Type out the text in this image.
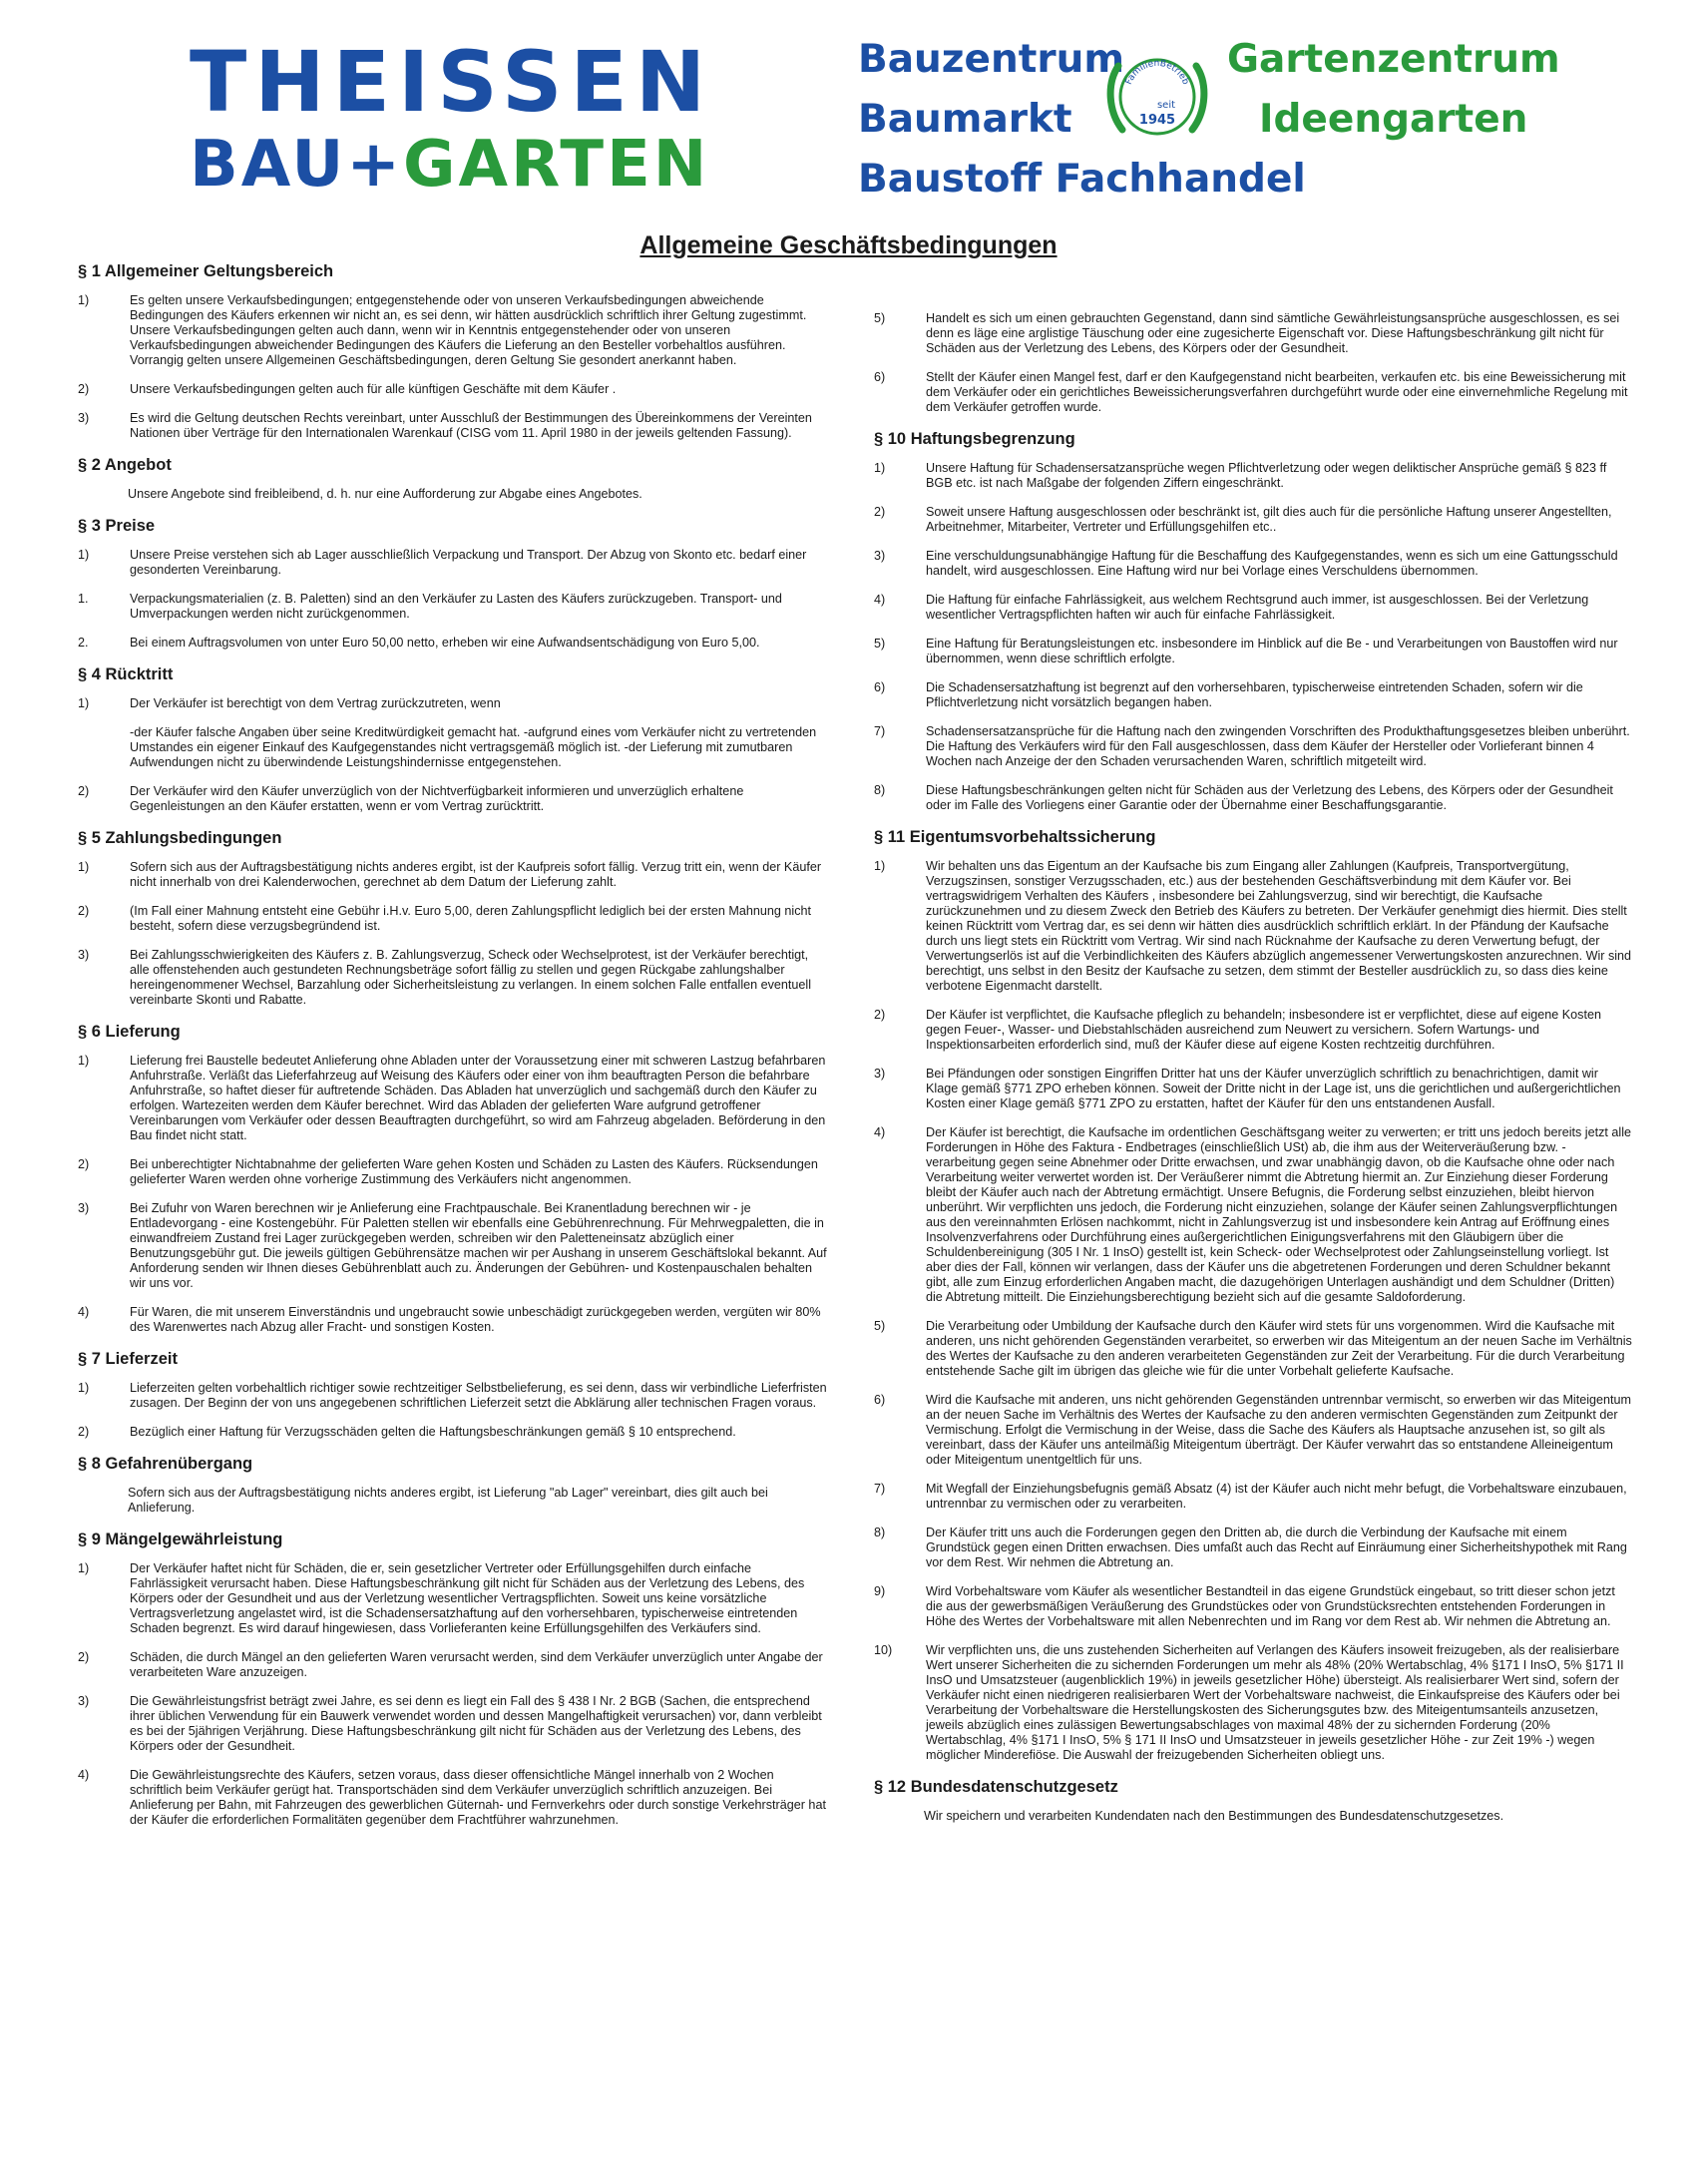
THEISSEN
BAU+GARTEN
Bauzentrum
Baumarkt
Baustoff Fachhandel
FamilienBetrieb
seit
1945
Gartenzentrum
Ideengarten
Allgemeine Geschäftsbedingungen
§ 1 Allgemeiner Geltungsbereich
1)	Es gelten unsere Verkaufsbedingungen; entgegenstehende oder von unseren Verkaufsbedingungen abweichende Bedingungen des Käufers erkennen wir nicht an, es sei denn, wir hätten ausdrücklich schriftlich ihrer Geltung zugestimmt. Unsere Verkaufsbedingungen gelten auch dann, wenn wir in Kenntnis entgegenstehender oder von unseren Verkaufsbedingungen abweichender Bedingungen des Käufers die Lieferung an den Besteller vorbehaltlos ausführen. Vorrangig gelten unsere Allgemeinen Geschäftsbedingungen, deren Geltung Sie gesondert anerkannt haben.
2)	Unsere Verkaufsbedingungen gelten auch für alle künftigen Geschäfte mit dem Käufer .
3)	Es wird die Geltung deutschen Rechts vereinbart, unter Ausschluß der Bestimmungen des Übereinkommens der Vereinten Nationen über Verträge für den Internationalen Warenkauf (CISG vom 11. April 1980 in der jeweils geltenden Fassung).
§ 2 Angebot
Unsere Angebote sind freibleibend, d. h. nur eine Aufforderung zur Abgabe eines Angebotes.
§ 3 Preise
1)	Unsere Preise verstehen sich ab Lager ausschließlich Verpackung und Transport. Der Abzug von Skonto etc. bedarf einer gesonderten Vereinbarung.
1.	Verpackungsmaterialien (z. B. Paletten) sind an den Verkäufer zu Lasten des Käufers zurückzugeben. Transport- und Umverpackungen werden nicht zurückgenommen.
2.	Bei einem Auftragsvolumen von unter Euro 50,00 netto, erheben wir eine Aufwandsentschädigung von Euro 5,00.
§ 4 Rücktritt
1)	Der Verkäufer ist berechtigt von dem Vertrag zurückzutreten, wenn
-der Käufer falsche Angaben über seine Kreditwürdigkeit gemacht hat. -aufgrund eines vom Verkäufer nicht zu vertretenden Umstandes ein eigener Einkauf des Kaufgegenstandes nicht vertragsgemäß möglich ist. -der Lieferung mit zumutbaren Aufwendungen nicht zu überwindende Leistungshindernisse entgegenstehen.
2)	Der Verkäufer wird den Käufer unverzüglich von der Nichtverfügbarkeit informieren und unverzüglich erhaltene Gegenleistungen an den Käufer erstatten, wenn er vom Vertrag zurücktritt.
§ 5 Zahlungsbedingungen
1)	Sofern sich aus der Auftragsbestätigung nichts anderes ergibt, ist der Kaufpreis sofort fällig. Verzug tritt ein, wenn der Käufer nicht innerhalb von drei Kalenderwochen, gerechnet ab dem Datum der Lieferung zahlt.
2)	(Im Fall einer Mahnung entsteht eine Gebühr i.H.v. Euro 5,00, deren Zahlungspflicht lediglich bei der ersten Mahnung nicht besteht, sofern diese verzugsbegründend ist.
3)	Bei Zahlungsschwierigkeiten des Käufers z. B. Zahlungsverzug, Scheck oder Wechselprotest, ist der Verkäufer berechtigt, alle offenstehenden auch gestundeten Rechnungsbeträge sofort fällig zu stellen und gegen Rückgabe zahlungshalber hereingenommener Wechsel, Barzahlung oder Sicherheitsleistung zu verlangen. In einem solchen Falle entfallen eventuell vereinbarte Skonti und Rabatte.
§ 6 Lieferung
1)	Lieferung frei Baustelle bedeutet Anlieferung ohne Abladen unter der Voraussetzung einer mit schweren Lastzug befahrbaren Anfuhrstraße. Verläßt das Lieferfahrzeug auf Weisung des Käufers oder einer von ihm beauftragten Person die befahrbare Anfuhrstraße, so haftet dieser für auftretende Schäden. Das Abladen hat unverzüglich und sachgemäß durch den Käufer zu erfolgen. Wartezeiten werden dem Käufer berechnet. Wird das Abladen der gelieferten Ware aufgrund getroffener Vereinbarungen vom Verkäufer oder dessen Beauftragten durchgeführt, so wird am Fahrzeug abgeladen. Beförderung in den Bau findet nicht statt.
2)	Bei unberechtigter Nichtabnahme der gelieferten Ware gehen Kosten und Schäden zu Lasten des Käufers. Rücksendungen gelieferter Waren werden ohne vorherige Zustimmung des Verkäufers nicht angenommen.
3)	Bei Zufuhr von Waren berechnen wir je Anlieferung eine Frachtpauschale. Bei Kranentladung berechnen wir - je Entladevorgang - eine Kostengebühr. Für Paletten stellen wir ebenfalls eine Gebührenrechnung. Für Mehrwegpaletten, die in einwandfreiem Zustand frei Lager zurückgegeben werden, schreiben wir den Paletteneinsatz abzüglich einer Benutzungsgebühr gut. Die jeweils gültigen Gebührensätze machen wir per Aushang in unserem Geschäftslokal bekannt. Auf Anforderung senden wir Ihnen dieses Gebührenblatt auch zu. Änderungen der Gebühren- und Kostenpauschalen behalten wir uns vor.
4)	Für Waren, die mit unserem Einverständnis und ungebraucht sowie unbeschädigt zurückgegeben werden, vergüten wir 80% des Warenwertes nach Abzug aller Fracht- und sonstigen Kosten.
§ 7 Lieferzeit
1)	Lieferzeiten gelten vorbehaltlich richtiger sowie rechtzeitiger Selbstbelieferung, es sei denn, dass wir verbindliche Lieferfristen zusagen. Der Beginn der von uns angegebenen schriftlichen Lieferzeit setzt die Abklärung aller technischen Fragen voraus.
2)	Bezüglich einer Haftung für Verzugsschäden gelten die Haftungsbeschränkungen gemäß § 10 entsprechend.
§ 8 Gefahrenübergang
Sofern sich aus der Auftragsbestätigung nichts anderes ergibt, ist Lieferung "ab Lager" vereinbart, dies gilt auch bei Anlieferung.
§ 9 Mängelgewährleistung
1)	Der Verkäufer haftet nicht für Schäden, die er, sein gesetzlicher Vertreter oder Erfüllungsgehilfen durch einfache Fahrlässigkeit verursacht haben. Diese Haftungsbeschränkung gilt nicht für Schäden aus der Verletzung des Lebens, des Körpers oder der Gesundheit und aus der Verletzung wesentlicher Vertragspflichten. Soweit uns keine vorsätzliche Vertragsverletzung angelastet wird, ist die Schadensersatzhaftung auf den vorhersehbaren, typischerweise eintretenden Schaden begrenzt. Es wird darauf hingewiesen, dass Vorlieferanten keine Erfüllungsgehilfen des Verkäufers sind.
2)	Schäden, die durch Mängel an den gelieferten Waren verursacht werden, sind dem Verkäufer unverzüglich unter Angabe der verarbeiteten Ware anzuzeigen.
3)	Die Gewährleistungsfrist beträgt zwei Jahre, es sei denn es liegt ein Fall des § 438 I Nr. 2 BGB (Sachen, die entsprechend ihrer üblichen Verwendung für ein Bauwerk verwendet worden und dessen Mangelhaftigkeit verursachen) vor, dann verbleibt es bei der 5jährigen Verjährung. Diese Haftungsbeschränkung gilt nicht für Schäden aus der Verletzung des Lebens, des Körpers oder der Gesundheit.
4)	Die Gewährleistungsrechte des Käufers, setzen voraus, dass dieser offensichtliche Mängel innerhalb von 2 Wochen schriftlich beim Verkäufer gerügt hat. Transportschäden sind dem Verkäufer unverzüglich schriftlich anzuzeigen. Bei Anlieferung per Bahn, mit Fahrzeugen des gewerblichen Güternah- und Fernverkehrs oder durch sonstige Verkehrsträger hat der Käufer die erforderlichen Formalitäten gegenüber dem Frachtführer wahrzunehmen.
5)	Handelt es sich um einen gebrauchten Gegenstand, dann sind sämtliche Gewährleistungsansprüche ausgeschlossen, es sei denn es läge eine arglistige Täuschung oder eine zugesicherte Eigenschaft vor. Diese Haftungsbeschränkung gilt nicht für Schäden aus der Verletzung des Lebens, des Körpers oder der Gesundheit.
6)	Stellt der Käufer einen Mangel fest, darf er den Kaufgegenstand nicht bearbeiten, verkaufen etc. bis eine Beweissicherung mit dem Verkäufer oder ein gerichtliches Beweissicherungsverfahren durchgeführt wurde oder eine einvernehmliche Regelung mit dem Verkäufer getroffen wurde.
§ 10 Haftungsbegrenzung
1)	Unsere Haftung für Schadensersatzansprüche wegen Pflichtverletzung oder wegen deliktischer Ansprüche gemäß § 823 ff BGB etc. ist nach Maßgabe der folgenden Ziffern eingeschränkt.
2)	Soweit unsere Haftung ausgeschlossen oder beschränkt ist, gilt dies auch für die persönliche Haftung unserer Angestellten, Arbeitnehmer, Mitarbeiter, Vertreter und Erfüllungsgehilfen etc..
3)	Eine verschuldungsunabhängige Haftung für die Beschaffung des Kaufgegenstandes, wenn es sich um eine Gattungsschuld handelt, wird ausgeschlossen. Eine Haftung wird nur bei Vorlage eines Verschuldens übernommen.
4)	Die Haftung für einfache Fahrlässigkeit, aus welchem Rechtsgrund auch immer, ist ausgeschlossen. Bei der Verletzung wesentlicher Vertragspflichten haften wir auch für einfache Fahrlässigkeit.
5)	Eine Haftung für Beratungsleistungen etc. insbesondere im Hinblick auf die Be - und Verarbeitungen von Baustoffen wird nur übernommen, wenn diese schriftlich erfolgte.
6)	Die Schadensersatzhaftung ist begrenzt auf den vorhersehbaren, typischerweise eintretenden Schaden, sofern wir die Pflichtverletzung nicht vorsätzlich begangen haben.
7)	Schadensersatzansprüche für die Haftung nach den zwingenden Vorschriften des Produkthaftungsgesetzes bleiben unberührt. Die Haftung des Verkäufers wird für den Fall ausgeschlossen, dass dem Käufer der Hersteller oder Vorlieferant binnen 4 Wochen nach Anzeige der den Schaden verursachenden Waren, schriftlich mitgeteilt wird.
8)	Diese Haftungsbeschränkungen gelten nicht für Schäden aus der Verletzung des Lebens, des Körpers oder der Gesundheit oder im Falle des Vorliegens einer Garantie oder der Übernahme einer Beschaffungsgarantie.
§ 11 Eigentumsvorbehaltssicherung
1)	Wir behalten uns das Eigentum an der Kaufsache bis zum Eingang aller Zahlungen (Kaufpreis, Transportvergütung, Verzugszinsen, sonstiger Verzugsschaden, etc.) aus der bestehenden Geschäftsverbindung mit dem Käufer vor. Bei vertragswidrigem Verhalten des Käufers , insbesondere bei Zahlungsverzug, sind wir berechtigt, die Kaufsache zurückzunehmen und zu diesem Zweck den Betrieb des Käufers zu betreten. Der Verkäufer genehmigt dies hiermit. Dies stellt keinen Rücktritt vom Vertrag dar, es sei denn wir hätten dies ausdrücklich schriftlich erklärt. In der Pfändung der Kaufsache durch uns liegt stets ein Rücktritt vom Vertrag. Wir sind nach Rücknahme der Kaufsache zu deren Verwertung befugt, der Verwertungserlös ist auf die Verbindlichkeiten des Käufers abzüglich angemessener Verwertungskosten anzurechnen. Wir sind berechtigt, uns selbst in den Besitz der Kaufsache zu setzen, dem stimmt der Besteller ausdrücklich zu, so dass dies keine verbotene Eigenmacht darstellt.
2)	Der Käufer ist verpflichtet, die Kaufsache pfleglich zu behandeln; insbesondere ist er verpflichtet, diese auf eigene Kosten gegen Feuer-, Wasser- und Diebstahlschäden ausreichend zum Neuwert zu versichern. Sofern Wartungs- und Inspektionsarbeiten erforderlich sind, muß der Käufer diese auf eigene Kosten rechtzeitig durchführen.
3)	Bei Pfändungen oder sonstigen Eingriffen Dritter hat uns der Käufer unverzüglich schriftlich zu benachrichtigen, damit wir Klage gemäß §771 ZPO erheben können. Soweit der Dritte nicht in der Lage ist, uns die gerichtlichen und außergerichtlichen Kosten einer Klage gemäß §771 ZPO zu erstatten, haftet der Käufer für den uns entstandenen Ausfall.
4)	Der Käufer ist berechtigt, die Kaufsache im ordentlichen Geschäftsgang weiter zu verwerten; er tritt uns jedoch bereits jetzt alle Forderungen in Höhe des Faktura - Endbetrages (einschließlich USt) ab, die ihm aus der Weiterveräußerung bzw. - verarbeitung gegen seine Abnehmer oder Dritte erwachsen, und zwar unabhängig davon, ob die Kaufsache ohne oder nach Verarbeitung weiter verwertet worden ist. Der Veräußerer nimmt die Abtretung hiermit an. Zur Einziehung dieser Forderung bleibt der Käufer auch nach der Abtretung ermächtigt. Unsere Befugnis, die Forderung selbst einzuziehen, bleibt hiervon unberührt. Wir verpflichten uns jedoch, die Forderung nicht einzuziehen, solange der Käufer seinen Zahlungsverpflichtungen aus den vereinnahmten Erlösen nachkommt, nicht in Zahlungsverzug ist und insbesondere kein Antrag auf Eröffnung eines Insolvenzverfahrens oder Durchführung eines außergerichtlichen Einigungsverfahrens mit den Gläubigern über die Schuldenbereinigung (305 I Nr. 1 InsO) gestellt ist, kein Scheck- oder Wechselprotest oder Zahlungseinstellung vorliegt. Ist aber dies der Fall, können wir verlangen, dass der Käufer uns die abgetretenen Forderungen und deren Schuldner bekannt gibt, alle zum Einzug erforderlichen Angaben macht, die dazugehörigen Unterlagen aushändigt und dem Schuldner (Dritten) die Abtretung mitteilt. Die Einziehungsberechtigung bezieht sich auf die gesamte Saldoforderung.
5)	Die Verarbeitung oder Umbildung der Kaufsache durch den Käufer wird stets für uns vorgenommen. Wird die Kaufsache mit anderen, uns nicht gehörenden Gegenständen verarbeitet, so erwerben wir das Miteigentum an der neuen Sache im Verhältnis des Wertes der Kaufsache zu den anderen verarbeiteten Gegenständen zur Zeit der Verarbeitung. Für die durch Verarbeitung entstehende Sache gilt im übrigen das gleiche wie für die unter Vorbehalt gelieferte Kaufsache.
6)	Wird die Kaufsache mit anderen, uns nicht gehörenden Gegenständen untrennbar vermischt, so erwerben wir das Miteigentum an der neuen Sache im Verhältnis des Wertes der Kaufsache zu den anderen vermischten Gegenständen zum Zeitpunkt der Vermischung. Erfolgt die Vermischung in der Weise, dass die Sache des Käufers als Hauptsache anzusehen ist, so gilt als vereinbart, dass der Käufer uns anteilmäßig Miteigentum überträgt. Der Käufer verwahrt das so entstandene Alleineigentum oder Miteigentum unentgeltlich für uns.
7)	Mit Wegfall der Einziehungsbefugnis gemäß Absatz (4) ist der Käufer auch nicht mehr befugt, die Vorbehaltsware einzubauen, untrennbar zu vermischen oder zu verarbeiten.
8)	Der Käufer tritt uns auch die Forderungen gegen den Dritten ab, die durch die Verbindung der Kaufsache mit einem Grundstück gegen einen Dritten erwachsen. Dies umfaßt auch das Recht auf Einräumung einer Sicherheitshypothek mit Rang vor dem Rest. Wir nehmen die Abtretung an.
9)	Wird Vorbehaltsware vom Käufer als wesentlicher Bestandteil in das eigene Grundstück eingebaut, so tritt dieser schon jetzt die aus der gewerbsmäßigen Veräußerung des Grundstückes oder von Grundstücksrechten entstehenden Forderungen in Höhe des Wertes der Vorbehaltsware mit allen Nebenrechten und im Rang vor dem Rest ab. Wir nehmen die Abtretung an.
10)	Wir verpflichten uns, die uns zustehenden Sicherheiten auf Verlangen des Käufers insoweit freizugeben, als der realisierbare Wert unserer Sicherheiten die zu sichernden Forderungen um mehr als 48% (20% Wertabschlag, 4% §171 I InsO, 5% §171 II InsO und Umsatzsteuer (augenblicklich 19%) in jeweils gesetzlicher Höhe) übersteigt. Als realisierbarer Wert sind, sofern der Verkäufer nicht einen niedrigeren realisierbaren Wert der Vorbehaltsware nachweist, die Einkaufspreise des Käufers oder bei Verarbeitung der Vorbehaltsware die Herstellungskosten des Sicherungsgutes bzw. des Miteigentumsanteils anzusetzen, jeweils abzüglich eines zulässigen Bewertungsabschlages von maximal 48% der zu sichernden Forderung (20% Wertabschlag, 4% §171 I InsO, 5% § 171 II InsO und Umsatzsteuer in jeweils gesetzlicher Höhe - zur Zeit 19% -) wegen möglicher Minderefiöse. Die Auswahl der freizugebenden Sicherheiten obliegt uns.
§ 12 Bundesdatenschutzgesetz
Wir speichern und verarbeiten Kundendaten nach den Bestimmungen des Bundesdatenschutzgesetzes.
